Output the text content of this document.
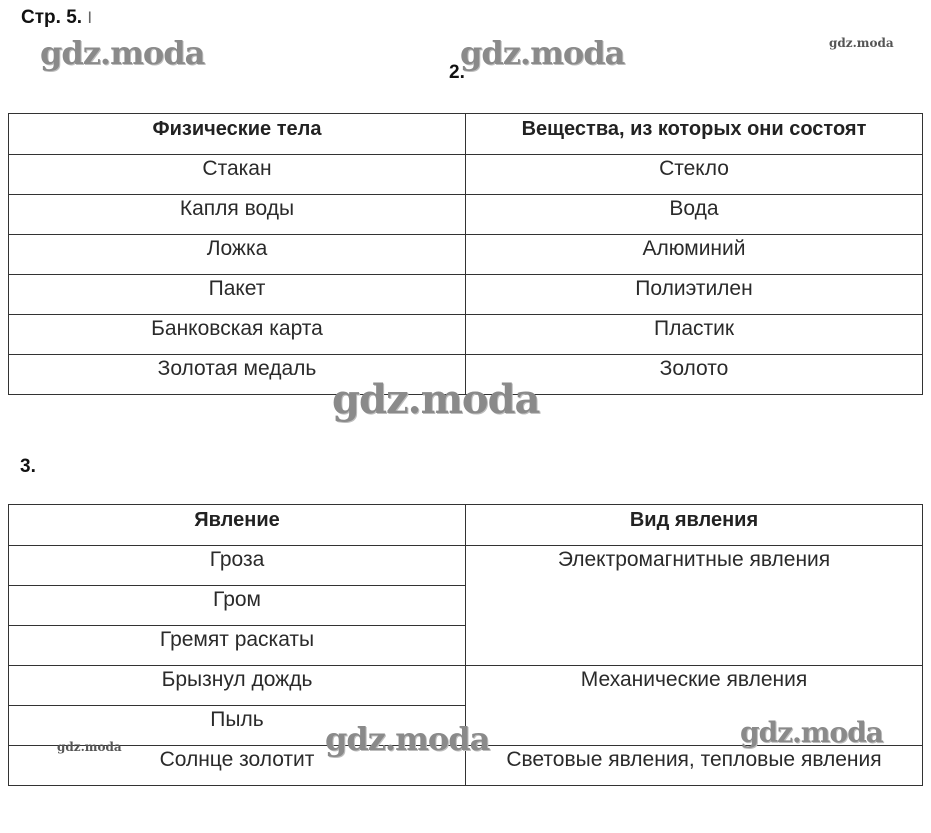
Стр. 5. I
gdz.moda	gdz.moda	gdz.moda
2.
Физические тела	Вещества, из которых они состоят
Стакан	Стекло
Капля воды	Вода
Ложка	Алюминий
Пакет	Полиэтилен
Банковская карта	Пластик
Золотая медаль	Золото
gdz.moda
3.
Явление	Вид явления
Гроза	Электромагнитные явления
Гром	
Гремят раскаты	
Брызнул дождь	Механические явления
Пыль	
Солнце золотит	Световые явления, тепловые явления
gdz.moda	gdz.moda
gdz.moda
